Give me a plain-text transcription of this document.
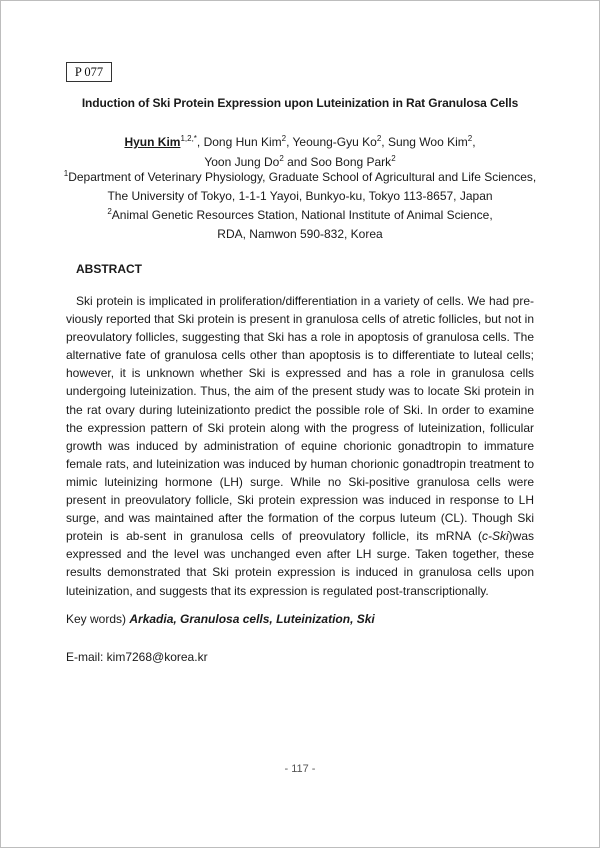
P 077
Induction of Ski Protein Expression upon Luteinization in Rat Granulosa Cells
Hyun Kim$^{1,2,*}$, Dong Hun Kim$^2$, Yeoung-Gyu Ko$^2$, Sung Woo Kim$^2$,
Yoon Jung Do$^2$ and Soo Bong Park$^2$
$^1$Department of Veterinary Physiology, Graduate School of Agricultural and Life Sciences,
The University of Tokyo, 1-1-1 Yayoi, Bunkyo-ku, Tokyo 113-8657, Japan
$^2$Animal Genetic Resources Station, National Institute of Animal Science,
RDA, Namwon 590-832, Korea
ABSTRACT

Ski protein is implicated in proliferation/differentiation in a variety of cells. We had pre-viously reported that Ski protein is present in granulosa cells of atretic follicles, but not in preovulatory follicles, suggesting that Ski has a role in apoptosis of granulosa cells. The alternative fate of granulosa cells other than apoptosis is to differentiate to luteal cells; however, it is unknown whether Ski is expressed and has a role in granulosa cells undergoing luteinization. Thus, the aim of the present study was to locate Ski protein in the rat ovary during luteinizationto predict the possible role of Ski. In order to examine the expression pattern of Ski protein along with the progress of luteinization, follicular growth was induced by administration of equine chorionic gonadtropin to immature female rats, and luteinization was induced by human chorionic gonadtropin treatment to mimic luteinizing hormone (LH) surge. While no Ski-positive granulosa cells were present in preovulatory follicle, Ski protein expression was induced in response to LH surge, and was maintained after the formation of the corpus luteum (CL). Though Ski protein is ab-sent in granulosa cells of preovulatory follicle, its mRNA (c-Ski)was expressed and the level was unchanged even after LH surge. Taken together, these results demonstrated that Ski protein expression is induced in granulosa cells upon luteinization, and suggests that its expression is regulated post-transcriptionally.

Key words) Arkadia, Granulosa cells, Luteinization, Ski
E-mail: kim7268@korea.kr
- 117 -
